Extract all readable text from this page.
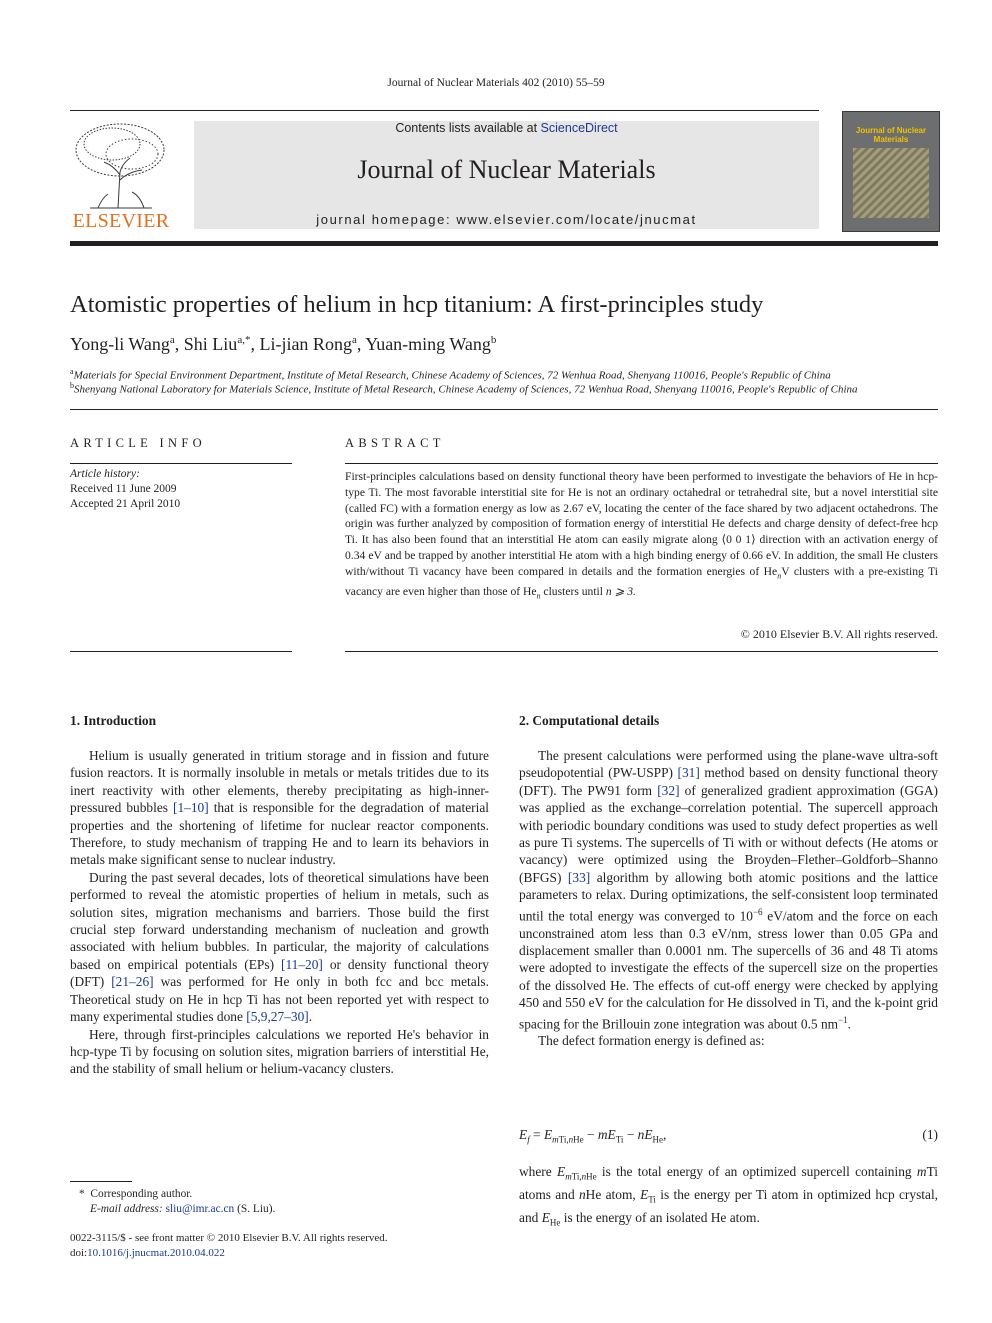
Journal of Nuclear Materials 402 (2010) 55–59
ELSEVIER
Contents lists available at ScienceDirect
Journal of Nuclear Materials
journal homepage: www.elsevier.com/locate/jnucmat
Journal of Nuclear Materials
Atomistic properties of helium in hcp titanium: A first-principles study
Yong-li Wang$^a$, Shi Liu$^{a,*}$, Li-jian Rong$^a$, Yuan-ming Wang$^b$
$^a$Materials for Special Environment Department, Institute of Metal Research, Chinese Academy of Sciences, 72 Wenhua Road, Shenyang 110016, People's Republic of China
$^b$Shenyang National Laboratory for Materials Science, Institute of Metal Research, Chinese Academy of Sciences, 72 Wenhua Road, Shenyang 110016, People's Republic of China
ARTICLE INFO
Article history:
Received 11 June 2009
Accepted 21 April 2010
ABSTRACT
First-principles calculations based on density functional theory have been performed to investigate the behaviors of He in hcp-type Ti. The most favorable interstitial site for He is not an ordinary octahedral or tetrahedral site, but a novel interstitial site (called FC) with a formation energy as low as 2.67 eV, locating the center of the face shared by two adjacent octahedrons. The origin was further analyzed by composition of formation energy of interstitial He defects and charge density of defect-free hcp Ti. It has also been found that an interstitial He atom can easily migrate along ⟨0 0 1⟩ direction with an activation energy of 0.34 eV and be trapped by another interstitial He atom with a high binding energy of 0.66 eV. In addition, the small He clusters with/without Ti vacancy have been compared in details and the formation energies of $He_nV$ clusters with a pre-existing Ti vacancy are even higher than those of $He_n$ clusters until n ⩾ 3.
© 2010 Elsevier B.V. All rights reserved.
1. Introduction

Helium is usually generated in tritium storage and in fission and future fusion reactors. It is normally insoluble in metals or metals tritides due to its inert reactivity with other elements, thereby precipitating as high-inner-pressured bubbles [1–10] that is responsible for the degradation of material properties and the shortening of lifetime for nuclear reactor components. Therefore, to study mechanism of trapping He and to learn its behaviors in metals make significant sense to nuclear industry.

During the past several decades, lots of theoretical simulations have been performed to reveal the atomistic properties of helium in metals, such as solution sites, migration mechanisms and barriers. Those build the first crucial step forward understanding mechanism of nucleation and growth associated with helium bubbles. In particular, the majority of calculations based on empirical potentials (EPs) [11–20] or density functional theory (DFT) [21–26] was performed for He only in both fcc and bcc metals. Theoretical study on He in hcp Ti has not been reported yet with respect to many experimental studies done [5,9,27–30].

Here, through first-principles calculations we reported He's behavior in hcp-type Ti by focusing on solution sites, migration barriers of interstitial He, and the stability of small helium or helium-vacancy clusters.

* Corresponding author.
E-mail address: sliu@imr.ac.cn (S. Liu).
0022-3115/$ - see front matter © 2010 Elsevier B.V. All rights reserved.
doi:10.1016/j.jnucmat.2010.04.022
2. Computational details

The present calculations were performed using the plane-wave ultra-soft pseudopotential (PW-USPP) [31] method based on density functional theory (DFT). The PW91 form [32] of generalized gradient approximation (GGA) was applied as the exchange–correlation potential. The supercell approach with periodic boundary conditions was used to study defect properties as well as pure Ti systems. The supercells of Ti with or without defects (He atoms or vacancy) were optimized using the Broyden–Flether–Goldforb–Shanno (BFGS) [33] algorithm by allowing both atomic positions and the lattice parameters to relax. During optimizations, the self-consistent loop terminated until the total energy was converged to $10^{-6}$ eV/atom and the force on each unconstrained atom less than 0.3 eV/nm, stress lower than 0.05 GPa and displacement smaller than 0.0001 nm. The supercells of 36 and 48 Ti atoms were adopted to investigate the effects of the supercell size on the properties of the dissolved He. The effects of cut-off energy were checked by applying 450 and 550 eV for the calculation for He dissolved in Ti, and the k-point grid spacing for the Brillouin zone integration was about 0.5 $nm^{-1}$.

The defect formation energy is defined as:

$E_f = E_{mTi,nHe} - mE_{Ti} - nE_{He}$,	(1)
where $E_{mTi,nHe}$ is the total energy of an optimized supercell containing mTi atoms and nHe atom, $E_{Ti}$ is the energy per Ti atom in optimized hcp crystal, and $E_{He}$ is the energy of an isolated He atom.
